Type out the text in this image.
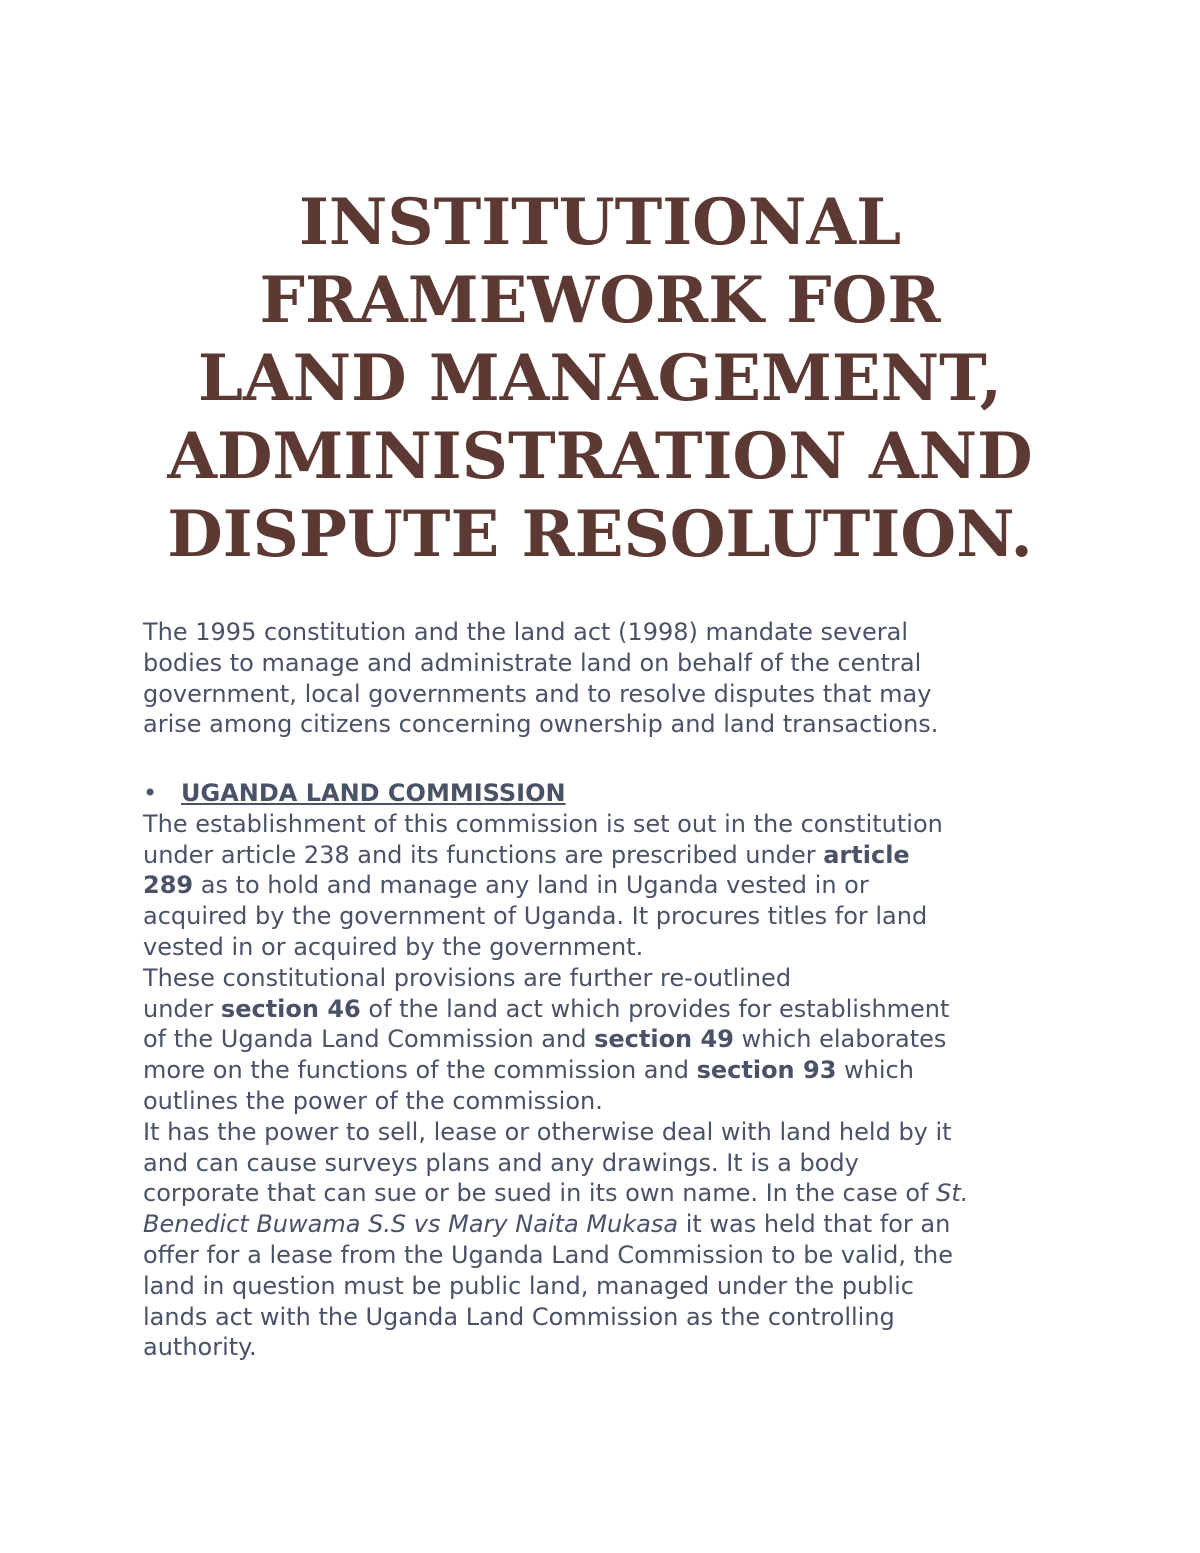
INSTITUTIONAL
FRAMEWORK FOR
LAND MANAGEMENT,
ADMINISTRATION AND
DISPUTE RESOLUTION.

The 1995 constitution and the land act (1998) mandate several
bodies to manage and administrate land on behalf of the central
government, local governments and to resolve disputes that may
arise among citizens concerning ownership and land transactions.

• UGANDA LAND COMMISSION
The establishment of this commission is set out in the constitution
under article 238 and its functions are prescribed under article
289 as to hold and manage any land in Uganda vested in or
acquired by the government of Uganda. It procures titles for land
vested in or acquired by the government.
These constitutional provisions are further re-outlined
under section 46 of the land act which provides for establishment
of the Uganda Land Commission and section 49 which elaborates
more on the functions of the commission and section 93 which
outlines the power of the commission.
It has the power to sell, lease or otherwise deal with land held by it
and can cause surveys plans and any drawings. It is a body
corporate that can sue or be sued in its own name. In the case of St.
Benedict Buwama S.S vs Mary Naita Mukasa it was held that for an
offer for a lease from the Uganda Land Commission to be valid, the
land in question must be public land, managed under the public
lands act with the Uganda Land Commission as the controlling
authority.
